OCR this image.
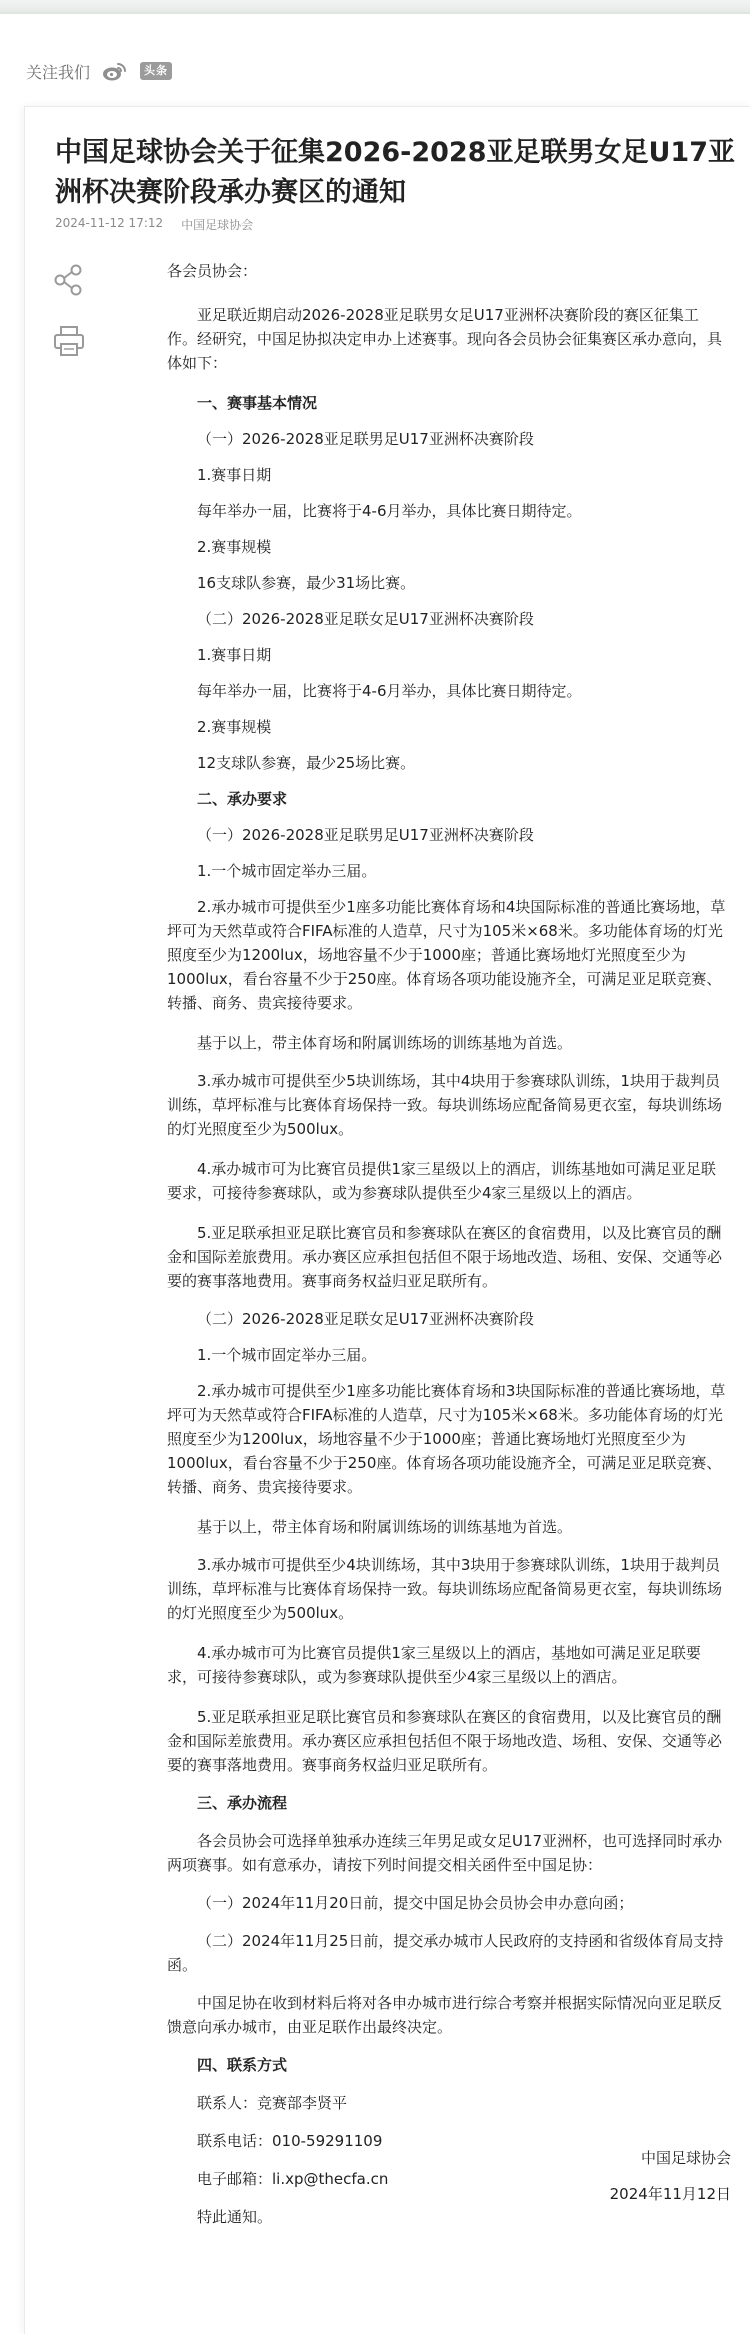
关注我们	头条
中国足球协会关于征集2026-2028亚足联男女足U17亚洲杯决赛阶段承办赛区的通知
2024-11-12 17:12 中国足球协会

各会员协会：

亚足联近期启动2026-2028亚足联男女足U17亚洲杯决赛阶段的赛区征集工作。经研究，中国足协拟决定申办上述赛事。现向各会员协会征集赛区承办意向，具体如下：

一、赛事基本情况

（一）2026-2028亚足联男足U17亚洲杯决赛阶段

1.赛事日期

每年举办一届，比赛将于4-6月举办，具体比赛日期待定。

2.赛事规模

16支球队参赛，最少31场比赛。

（二）2026-2028亚足联女足U17亚洲杯决赛阶段

1.赛事日期

每年举办一届，比赛将于4-6月举办，具体比赛日期待定。

2.赛事规模

12支球队参赛，最少25场比赛。

二、承办要求

（一）2026-2028亚足联男足U17亚洲杯决赛阶段

1.一个城市固定举办三届。

2.承办城市可提供至少1座多功能比赛体育场和4块国际标准的普通比赛场地，草坪可为天然草或符合FIFA标准的人造草，尺寸为105米×68米。多功能体育场的灯光照度至少为1200lux，场地容量不少于1000座；普通比赛场地灯光照度至少为1000lux，看台容量不少于250座。体育场各项功能设施齐全，可满足亚足联竞赛、转播、商务、贵宾接待要求。

基于以上，带主体育场和附属训练场的训练基地为首选。

3.承办城市可提供至少5块训练场，其中4块用于参赛球队训练，1块用于裁判员训练，草坪标准与比赛体育场保持一致。每块训练场应配备简易更衣室，每块训练场的灯光照度至少为500lux。

4.承办城市可为比赛官员提供1家三星级以上的酒店，训练基地如可满足亚足联要求，可接待参赛球队，或为参赛球队提供至少4家三星级以上的酒店。

5.亚足联承担亚足联比赛官员和参赛球队在赛区的食宿费用，以及比赛官员的酬金和国际差旅费用。承办赛区应承担包括但不限于场地改造、场租、安保、交通等必要的赛事落地费用。赛事商务权益归亚足联所有。

（二）2026-2028亚足联女足U17亚洲杯决赛阶段

1.一个城市固定举办三届。

2.承办城市可提供至少1座多功能比赛体育场和3块国际标准的普通比赛场地，草坪可为天然草或符合FIFA标准的人造草，尺寸为105米×68米。多功能体育场的灯光照度至少为1200lux，场地容量不少于1000座；普通比赛场地灯光照度至少为1000lux，看台容量不少于250座。体育场各项功能设施齐全，可满足亚足联竞赛、转播、商务、贵宾接待要求。

基于以上，带主体育场和附属训练场的训练基地为首选。

3.承办城市可提供至少4块训练场，其中3块用于参赛球队训练，1块用于裁判员训练，草坪标准与比赛体育场保持一致。每块训练场应配备简易更衣室，每块训练场的灯光照度至少为500lux。

4.承办城市可为比赛官员提供1家三星级以上的酒店，基地如可满足亚足联要求，可接待参赛球队，或为参赛球队提供至少4家三星级以上的酒店。

5.亚足联承担亚足联比赛官员和参赛球队在赛区的食宿费用，以及比赛官员的酬金和国际差旅费用。承办赛区应承担包括但不限于场地改造、场租、安保、交通等必要的赛事落地费用。赛事商务权益归亚足联所有。

三、承办流程

各会员协会可选择单独承办连续三年男足或女足U17亚洲杯，也可选择同时承办两项赛事。如有意承办，请按下列时间提交相关函件至中国足协：

（一）2024年11月20日前，提交中国足协会员协会申办意向函；

（二）2024年11月25日前，提交承办城市人民政府的支持函和省级体育局支持函。

中国足协在收到材料后将对各申办城市进行综合考察并根据实际情况向亚足联反馈意向承办城市，由亚足联作出最终决定。

四、联系方式

联系人：竞赛部李贤平

联系电话：010-59291109

电子邮箱：li.xp@thecfa.cn

特此通知。

中国足球协会
2024年11月12日
